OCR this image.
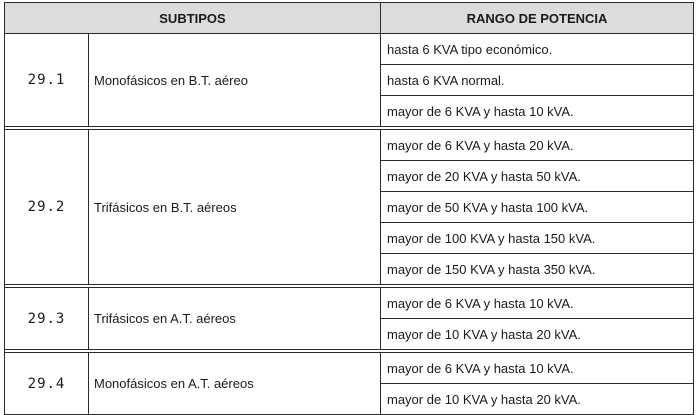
SUBTIPOS		RANGO DE POTENCIA
29.1	Monofásicos en B.T. aéreo	hasta 6 KVA tipo económico.
		hasta 6 KVA normal.
		mayor de 6 KVA y hasta 10 kVA.

29.2	Trifásicos en B.T. aéreos	mayor de 6 KVA y hasta 20 kVA.
		mayor de 20 KVA y hasta 50 kVA.
		mayor de 50 KVA y hasta 100 kVA.
		mayor de 100 KVA y hasta 150 kVA.
		mayor de 150 KVA y hasta 350 kVA.

29.3	Trifásicos en A.T. aéreos	mayor de 6 KVA y hasta 10 kVA.
		mayor de 10 KVA y hasta 20 kVA.

29.4	Monofásicos en A.T. aéreos	mayor de 6 KVA y hasta 10 kVA.
		mayor de 10 KVA y hasta 20 kVA.
